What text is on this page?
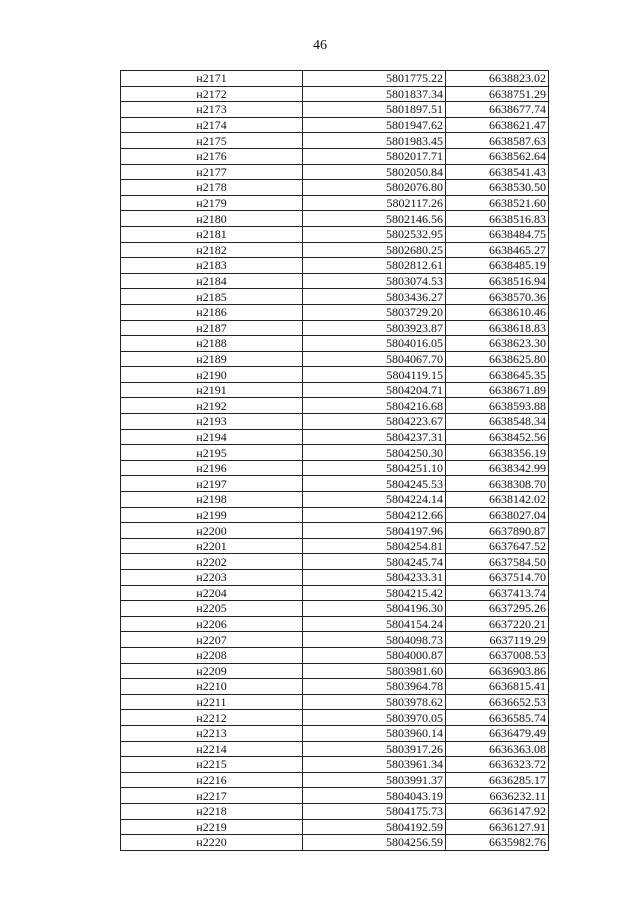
46
н2171	5801775.22	6638823.02
н2172	5801837.34	6638751.29
н2173	5801897.51	6638677.74
н2174	5801947.62	6638621.47
н2175	5801983.45	6638587.63
н2176	5802017.71	6638562.64
н2177	5802050.84	6638541.43
н2178	5802076.80	6638530.50
н2179	5802117.26	6638521.60
н2180	5802146.56	6638516.83
н2181	5802532.95	6638484.75
н2182	5802680.25	6638465.27
н2183	5802812.61	6638485.19
н2184	5803074.53	6638516.94
н2185	5803436.27	6638570.36
н2186	5803729.20	6638610.46
н2187	5803923.87	6638618.83
н2188	5804016.05	6638623.30
н2189	5804067.70	6638625.80
н2190	5804119.15	6638645.35
н2191	5804204.71	6638671.89
н2192	5804216.68	6638593.88
н2193	5804223.67	6638548.34
н2194	5804237.31	6638452.56
н2195	5804250.30	6638356.19
н2196	5804251.10	6638342.99
н2197	5804245.53	6638308.70
н2198	5804224.14	6638142.02
н2199	5804212.66	6638027.04
н2200	5804197.96	6637890.87
н2201	5804254.81	6637647.52
н2202	5804245.74	6637584.50
н2203	5804233.31	6637514.70
н2204	5804215.42	6637413.74
н2205	5804196.30	6637295.26
н2206	5804154.24	6637220.21
н2207	5804098.73	6637119.29
н2208	5804000.87	6637008.53
н2209	5803981.60	6636903.86
н2210	5803964.78	6636815.41
н2211	5803978.62	6636652.53
н2212	5803970.05	6636585.74
н2213	5803960.14	6636479.49
н2214	5803917.26	6636363.08
н2215	5803961.34	6636323.72
н2216	5803991.37	6636285.17
н2217	5804043.19	6636232.11
н2218	5804175.73	6636147.92
н2219	5804192.59	6636127.91
н2220	5804256.59	6635982.76
